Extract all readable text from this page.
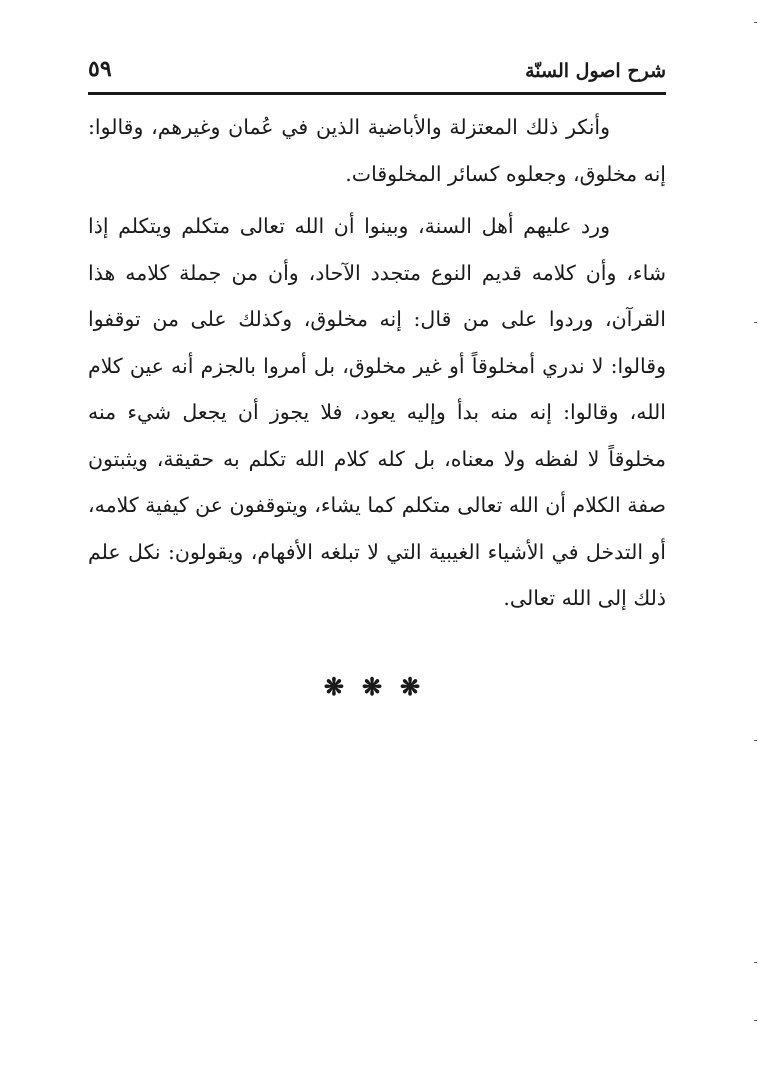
شرح اصول السنّة
٥٩

وأنكر ذلك المعتزلة والأباضية الذين في عُمان وغيرهم، وقالوا: إنه مخلوق، وجعلوه كسائر المخلوقات.

ورد عليهم أهل السنة، وبينوا أن الله تعالى متكلم ويتكلم إذا شاء، وأن كلامه قديم النوع متجدد الآحاد، وأن من جملة كلامه هذا القرآن، وردوا على من قال: إنه مخلوق، وكذلك على من توقفوا وقالوا: لا ندري أمخلوقاً أو غير مخلوق، بل أمروا بالجزم أنه عين كلام الله، وقالوا: إنه منه بدأ وإليه يعود، فلا يجوز أن يجعل شيء منه مخلوقاً لا لفظه ولا معناه، بل كله كلام الله تكلم به حقيقة، ويثبتون صفة الكلام أن الله تعالى متكلم كما يشاء، ويتوقفون عن كيفية كلامه، أو التدخل في الأشياء الغيبية التي لا تبلغه الأفهام، ويقولون: نكل علم ذلك إلى الله تعالى.

❋❋❋
